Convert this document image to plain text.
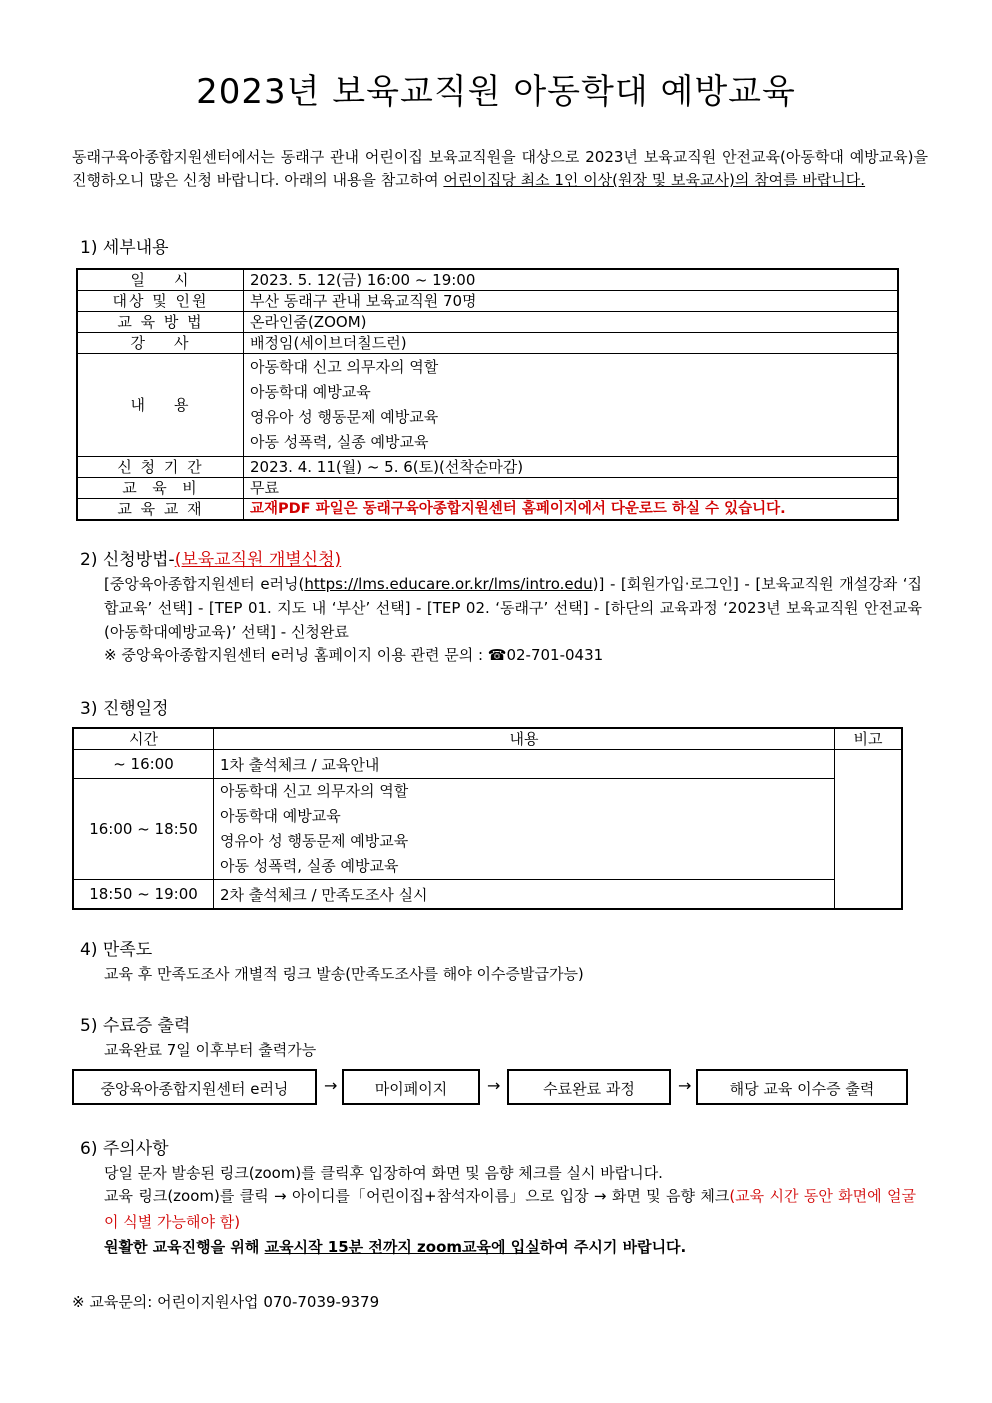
2023년 보육교직원 아동학대 예방교육
동래구육아종합지원센터에서는 동래구 관내 어린이집 보육교직원을 대상으로 2023년 보육교직원 안전교육(아동학대 예방교육)을 진행하오니 많은 신청 바랍니다. 아래의 내용을 참고하여 어린이집당 최소 1인 이상(원장 및 보육교사)의 참여를 바랍니다.
1) 세부내용
일    시	2023. 5. 12(금) 16:00 ~ 19:00
대상 및 인원	부산 동래구 관내 보육교직원 70명
교 육 방 법	온라인줌(ZOOM)
강    사	배정임(세이브더칠드런)
내    용	아동학대 신고 의무자의 역할
아동학대 예방교육
영유아 성 행동문제 예방교육
아동 성폭력, 실종 예방교육

신 청 기 간	2023. 4. 11(월) ~ 5. 6(토)(선착순마감)
교  육  비	무료
교 육 교 재	교재PDF 파일은 동래구육아종합지원센터 홈페이지에서 다운로드 하실 수 있습니다.
2) 신청방법-(보육교직원 개별신청)
[중앙육아종합지원센터 e러닝(https://lms.educare.or.kr/lms/intro.edu)] - [회원가입·로그인] - [보육교직원 개설강좌 ‘집합교육’ 선택] - [TEP 01. 지도 내 ‘부산’ 선택] - [TEP 02. ‘동래구’ 선택] - [하단의 교육과정 ‘2023년 보육교직원 안전교육(아동학대예방교육)’ 선택] - 신청완료
※ 중앙육아종합지원센터 e러닝 홈페이지 이용 관련 문의 : ☎02-701-0431
3) 진행일정
시간	내용	비고
~ 16:00	1차 출석체크 / 교육안내	
16:00 ~ 18:50	아동학대 신고 의무자의 역할
아동학대 예방교육
영유아 성 행동문제 예방교육
아동 성폭력, 실종 예방교육	

18:50 ~ 19:00	2차 출석체크 / 만족도조사 실시	
4) 만족도
교육 후 만족도조사 개별적 링크 발송(만족도조사를 해야 이수증발급가능)
5) 수료증 출력
교육완료 7일 이후부터 출력가능
중앙육아종합지원센터 e러닝	→	마이페이지	→	수료완료 과정	→	해당 교육 이수증 출력
6) 주의사항
당일 문자 발송된 링크(zoom)를 클릭후 입장하여 화면 및 음향 체크를 실시 바랍니다.
교육 링크(zoom)를 클릭 → 아이디를「어린이집+참석자이름」으로 입장 → 화면 및 음향 체크(교육 시간 동안 화면에 얼굴이 식별 가능해야 함)
원활한 교육진행을 위해 교육시작 15분 전까지 zoom교육에 입실하여 주시기 바랍니다.
※ 교육문의: 어린이지원사업 070-7039-9379
